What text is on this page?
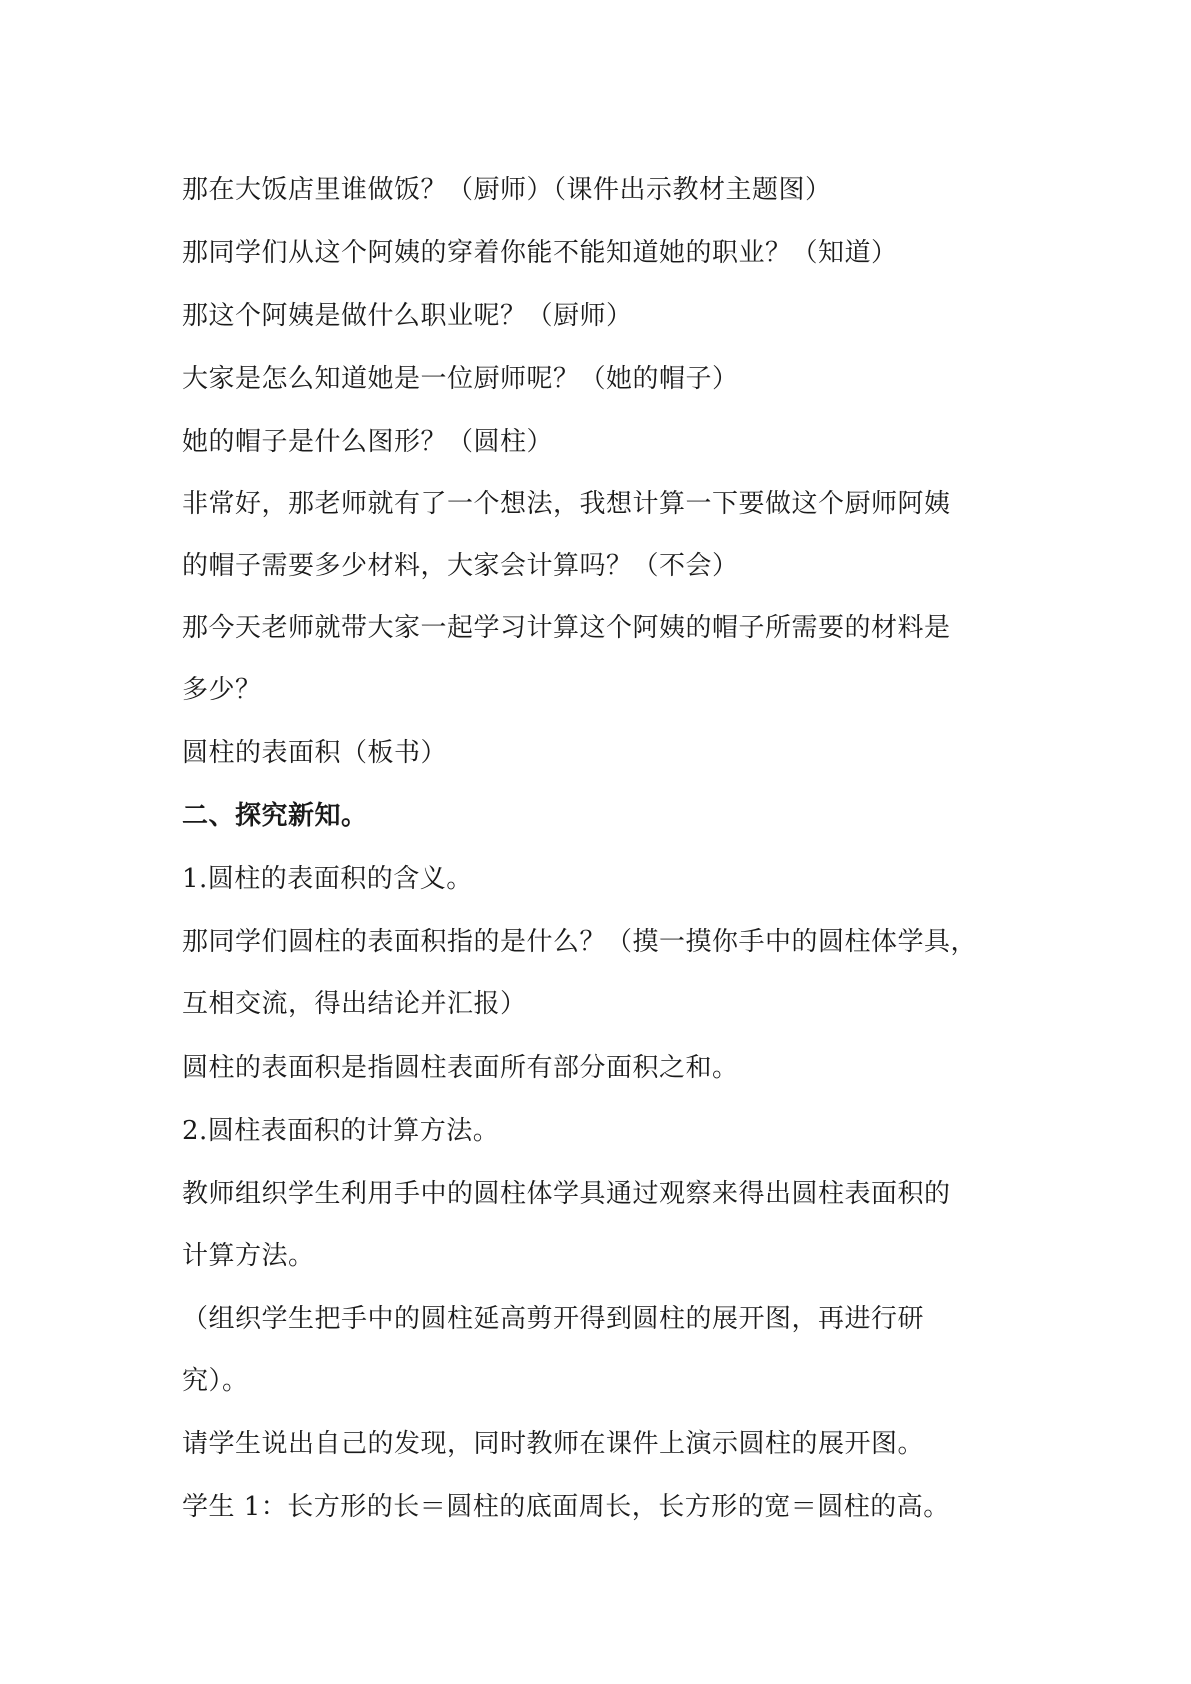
那在大饭店里谁做饭？（厨师）（课件出示教材主题图）
那同学们从这个阿姨的穿着你能不能知道她的职业？（知道）
那这个阿姨是做什么职业呢？（厨师）
大家是怎么知道她是一位厨师呢？（她的帽子）
她的帽子是什么图形？（圆柱）
非常好，那老师就有了一个想法，我想计算一下要做这个厨师阿姨
的帽子需要多少材料，大家会计算吗？（不会）
那今天老师就带大家一起学习计算这个阿姨的帽子所需要的材料是
多少？
圆柱的表面积（板书）
二、探究新知。
1.圆柱的表面积的含义。
那同学们圆柱的表面积指的是什么？（摸一摸你手中的圆柱体学具，
互相交流，得出结论并汇报）
圆柱的表面积是指圆柱表面所有部分面积之和。
2.圆柱表面积的计算方法。
教师组织学生利用手中的圆柱体学具通过观察来得出圆柱表面积的
计算方法。
（组织学生把手中的圆柱延高剪开得到圆柱的展开图，再进行研
究）。
请学生说出自己的发现，同时教师在课件上演示圆柱的展开图。
学生 1：长方形的长＝圆柱的底面周长，长方形的宽＝圆柱的高。
